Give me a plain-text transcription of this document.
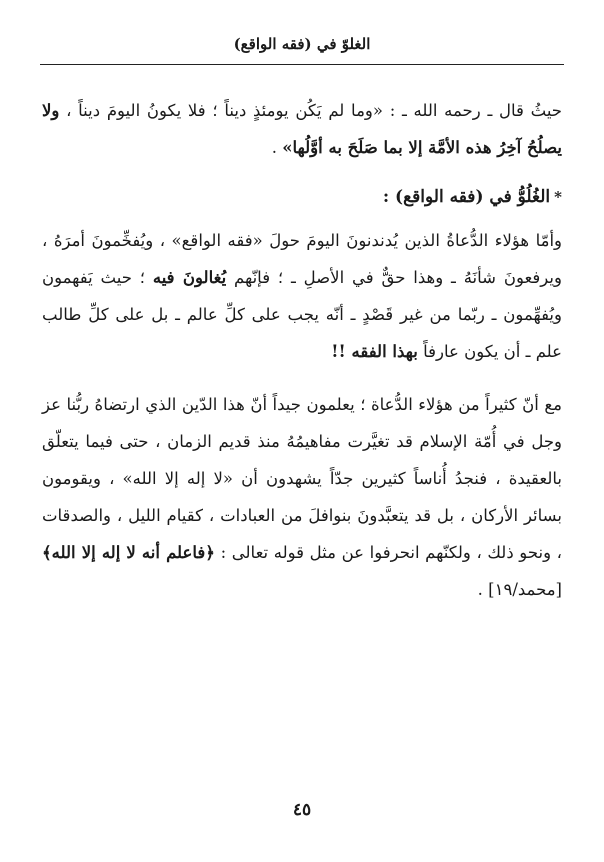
الغلوّ في (فقه الواقع)

حيثُ قال ـ رحمه الله ـ : «وما لم يَكُن يومئذٍ ديناً ؛ فلا يكونُ اليومَ ديناً ، ولا يصلُحُ آخِرُ هذه الأمَّة إلا بما صَلَحَ به أوَّلُها» .

*الغُلُوُّ في (فقه الواقع) :

وأمّا هؤلاء الدُّعاةُ الذين يُدندنونَ اليومَ حولَ «فقه الواقع» ، ويُفخِّمونَ أمرَهُ ، ويرفعونَ شأنَهُ ـ وهذا حقٌّ في الأصلِ ـ ؛ فإنّهم يُغالونَ فيه ؛ حيث يَفهمون ويُفهِّمون ـ ربّما من غير قَصْدٍ ـ أنّه يجب على كلِّ عالم ـ بل على كلِّ طالب علم ـ أن يكون عارفاً بهذا الفقه !!

مع أنّ كثيراً من هؤلاء الدُّعاة ؛ يعلمون جيداً أنّ هذا الدّين الذي ارتضاهُ ربُّنا عز وجل في أُمّة الإسلام قد تغيَّرت مفاهيمُهُ منذ قديم الزمان ، حتى فيما يتعلّق بالعقيدة ، فنجدُ أُناساً كثيرين جدّاً يشهدون أن «لا إله إلا الله» ، ويقومون بسائر الأركان ، بل قد يتعبَّدونَ بنوافلَ من العبادات ، كقيام الليل ، والصدقات ، ونحو ذلك ، ولكنّهم انحرفوا عن مثل قوله تعالى : ﴿فاعلم أنه لا إله إلا الله﴾ [محمد/١٩] .

٤٥
